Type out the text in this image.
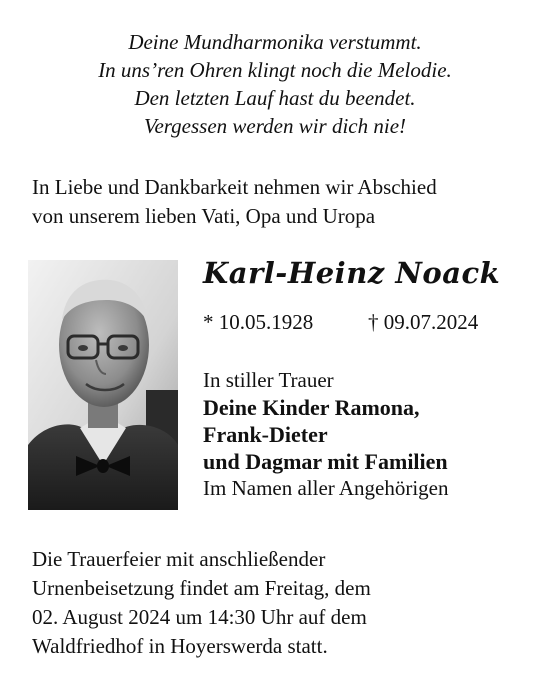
Deine Mundharmonika verstummt.
In uns’ren Ohren klingt noch die Melodie.
Den letzten Lauf hast du beendet.
Vergessen werden wir dich nie!
In Liebe und Dankbarkeit nehmen wir Abschied
von unserem lieben Vati, Opa und Uropa
Karl-Heinz Noack
* 10.05.1928	† 09.07.2024
In stiller Trauer
Deine Kinder Ramona,
Frank-Dieter
und Dagmar mit Familien
Im Namen aller Angehörigen
Die Trauerfeier mit anschließender
Urnenbeisetzung findet am Freitag, dem
02. August 2024 um 14:30 Uhr auf dem
Waldfriedhof in Hoyerswerda statt.
